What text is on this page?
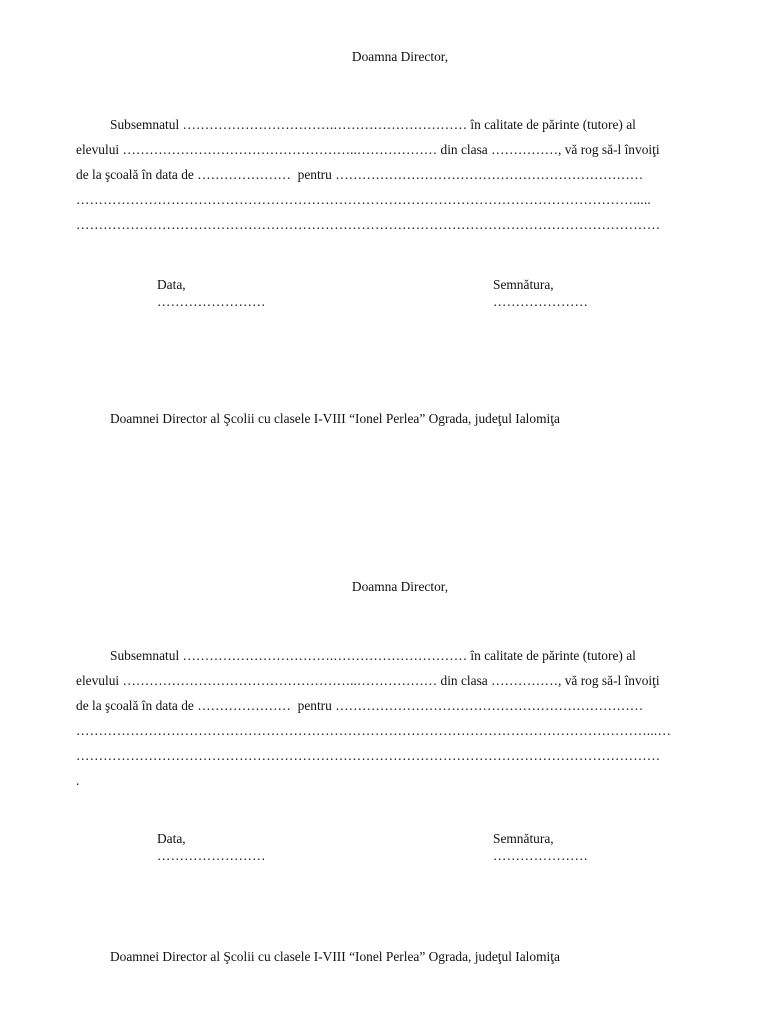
Doamna Director,
Subsemnatul …………………………….………………………… în calitate de părinte (tutore) al
elevului ……………………………………………..……………… din clasa ……………, vă rog să-l învoiţi
de la şcoală în data de …………………  pentru ……………………………………………………………
…………………………………………………………………………………………………………….....
…………………………………………………………………………………………………………………
Data,
……………………
Semnătura,
…………………
Doamnei Director al Şcolii cu clasele I-VIII “Ionel Perlea” Ograda, judeţul Ialomiţa
Doamna Director,
Subsemnatul …………………………….………………………… în calitate de părinte (tutore) al
elevului ……………………………………………..……………… din clasa ……………, vă rog să-l învoiţi
de la şcoală în data de …………………  pentru ……………………………………………………………
………………………………………………………………………………………………………………...…
…………………………………………………………………………………………………………………
.
Data,
……………………
Semnătura,
…………………
Doamnei Director al Şcolii cu clasele I-VIII “Ionel Perlea” Ograda, judeţul Ialomiţa
